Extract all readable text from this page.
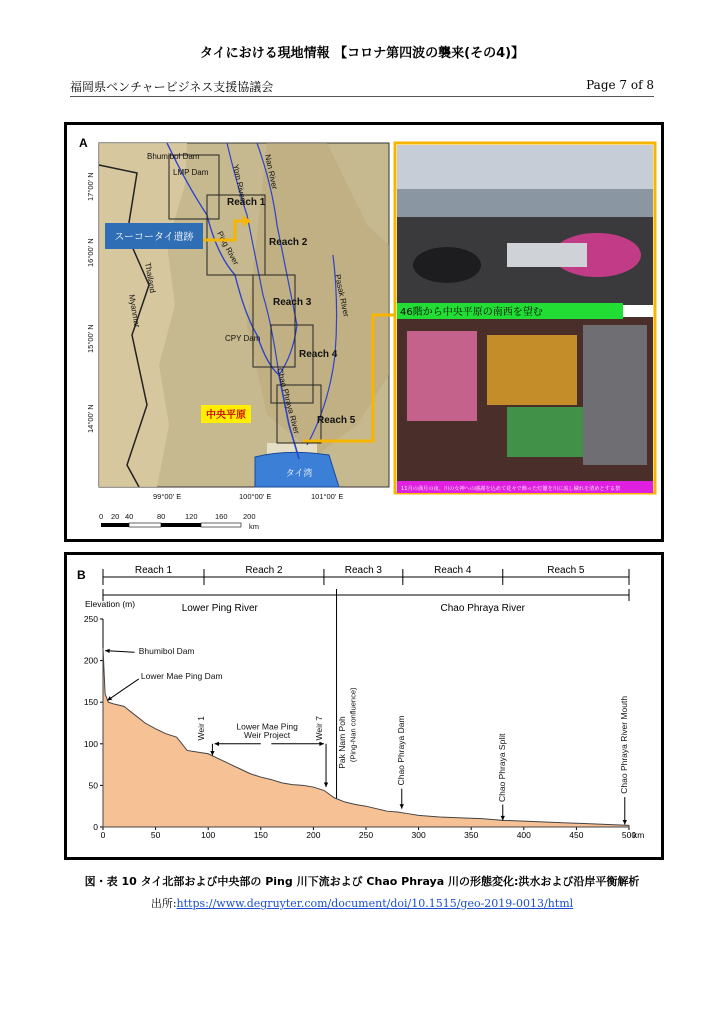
タイにおける現地情報 【コロナ第四波の襲来(その4)】
福岡県ベンチャービジネス支援協議会	Page 7 of 8
A
Bhumibol Dam
LMP Dam	Yom River Nan River
Ping River
Pasak River
Chao Phraya River
CPY Dam
Myanmar
Thailand
Reach 1
Reach 2
Reach 3
Reach 4
Reach 5
17°00' N
16°00' N
15°00' N
14°00' N
99°00' E	100°00' E	101°00' E
0 20 40	80	120 160 200
km
スーコータイ遺跡
中央平原
タイ湾
46階から中央平原の南西を望む
11月の満月の夜、川の女神への感謝を込めて花々で飾った灯籠を川に流し穢れを清めとする祭
B	Reach 1	Reach 2	Reach 3	Reach 4	Reach 5
Lower Ping River	Chao Phraya River
Elevation (m)
0	50	100	150	200	250	300	350	400	450	500
km
0
50
100
150
200
250
Bhumibol Dam
Lower Mae Ping Dam
Weir 1	Weir 7
Lower Mae Ping
Weir Project	Pak Nam Poh (Ping-Nan confluence)	Chao Phraya Dam	Chao Phraya Split	Chao Phraya River Mouth
図・表 10 タイ北部および中央部の Ping 川下流および Chao Phraya 川の形態変化:洪水および沿岸平衡解析
出所:https://www.degruyter.com/document/doi/10.1515/geo-2019-0013/html
